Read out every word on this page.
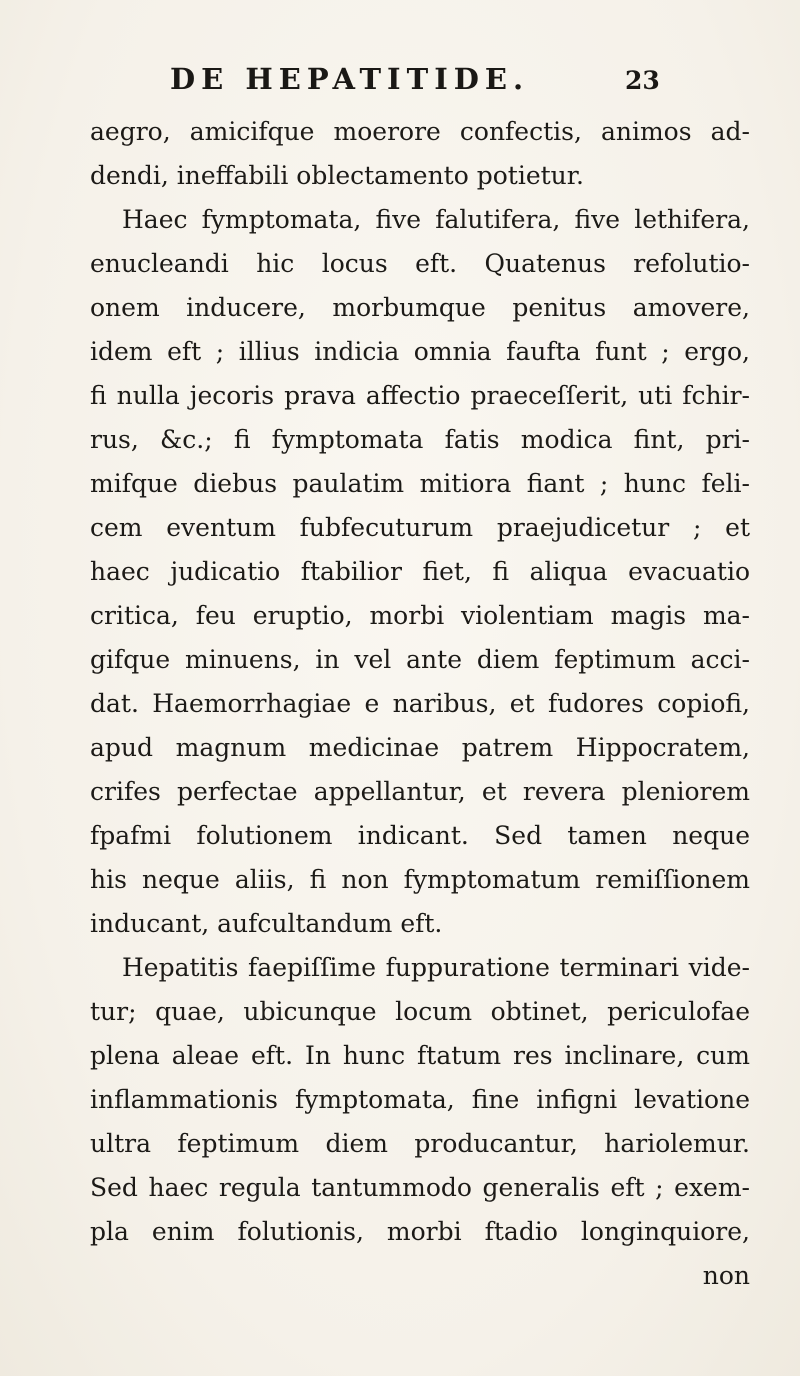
DE HEPATITIDE.	23
aegro, amicifque moerore confectis, animos ad-
dendi, ineffabili oblectamento potietur.
Haec fymptomata, five falutifera, five lethifera,
enucleandi hic locus eft. Quatenus refolutio-
onem inducere, morbumque penitus amovere,
idem eft ; illius indicia omnia faufta funt ; ergo,
fi nulla jecoris prava affectio praeceſſerit, uti fchir-
rus, &c.; fi fymptomata fatis modica fint, pri-
mifque diebus paulatim mitiora fiant ; hunc feli-
cem eventum fubfecuturum praejudicetur ; et
haec judicatio ftabilior fiet, fi aliqua evacuatio
critica, feu eruptio, morbi violentiam magis ma-
gifque minuens, in vel ante diem feptimum acci-
dat. Haemorrhagiae e naribus, et fudores copiofi,
apud magnum medicinae patrem Hippocratem,
crifes perfectae appellantur, et revera pleniorem
fpafmi folutionem indicant. Sed tamen neque
his neque aliis, fi non fymptomatum remiſſionem
inducant, aufcultandum eft.
Hepatitis faepiſſime fuppuratione terminari vide-
tur; quae, ubicunque locum obtinet, periculofae
plena aleae eft. In hunc ftatum res inclinare, cum
inflammationis fymptomata, fine infigni levatione
ultra feptimum diem producantur, hariolemur.
Sed haec regula tantummodo generalis eft ; exem-
pla enim folutionis, morbi ftadio longinquiore,
non
